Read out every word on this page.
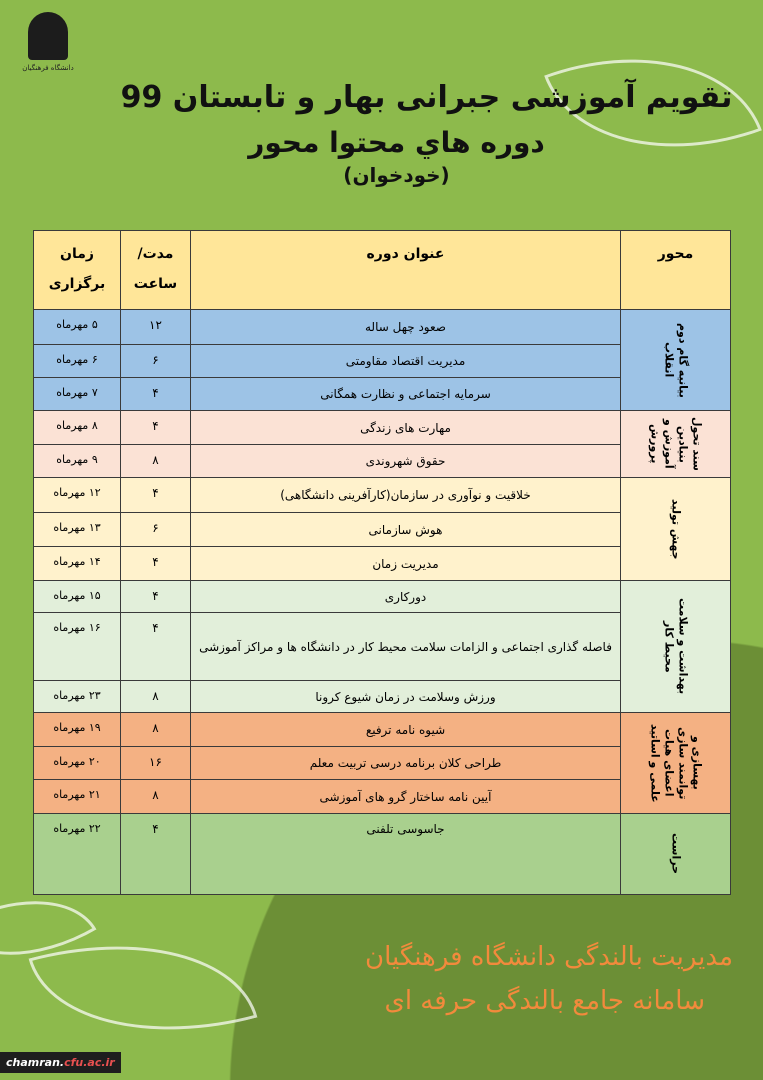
دانشگاه فرهنگیان
تقویم آموزشی جبرانی بهار و تابستان 99
دوره هاي محتوا محور
(خودخوان)
محور	عنوان دوره	مدت/ ساعت	زمان برگزاری

بیانیه گام دوم انقلاب	صعود چهل ساله	۱۲	۵ مهرماه
	مدیریت اقتصاد مقاومتی	۶	۶ مهرماه
	سرمایه اجتماعی و نظارت همگانی	۴	۷ مهرماه

سند تحول بنیادین آموزش و پرورش	مهارت های زندگی	۴	۸ مهرماه
	حقوق شهروندی	۸	۹ مهرماه

جهش تولید	خلاقیت و نوآوری در سازمان(کارآفرینی دانشگاهی)	۴	۱۲ مهرماه
	هوش سازمانی	۶	۱۳ مهرماه
	مدیریت زمان	۴	۱۴ مهرماه

بهداشت و سلامت محیط کار	دورکاری	۴	۱۵ مهرماه
	فاصله گذاری اجتماعی و الزامات سلامت محیط کار در دانشگاه ها و مراکز آموزشی	۴	۱۶ مهرماه
	ورزش وسلامت در زمان شیوع کرونا	۸	۲۳ مهرماه

بهسازی و توانمند سازی اعضای هیات علمی و اساتید	شیوه نامه ترفیع	۸	۱۹ مهرماه
	طراحی کلان برنامه درسی تربیت معلم	۱۶	۲۰ مهرماه
	آیین نامه ساختار گرو های آموزشی	۸	۲۱ مهرماه

حراست	جاسوسی تلفنی	۴	۲۲ مهرماه
مدیریت بالندگی دانشگاه فرهنگیان
سامانه جامع بالندگی حرفه ای
chamran.cfu.ac.ir
